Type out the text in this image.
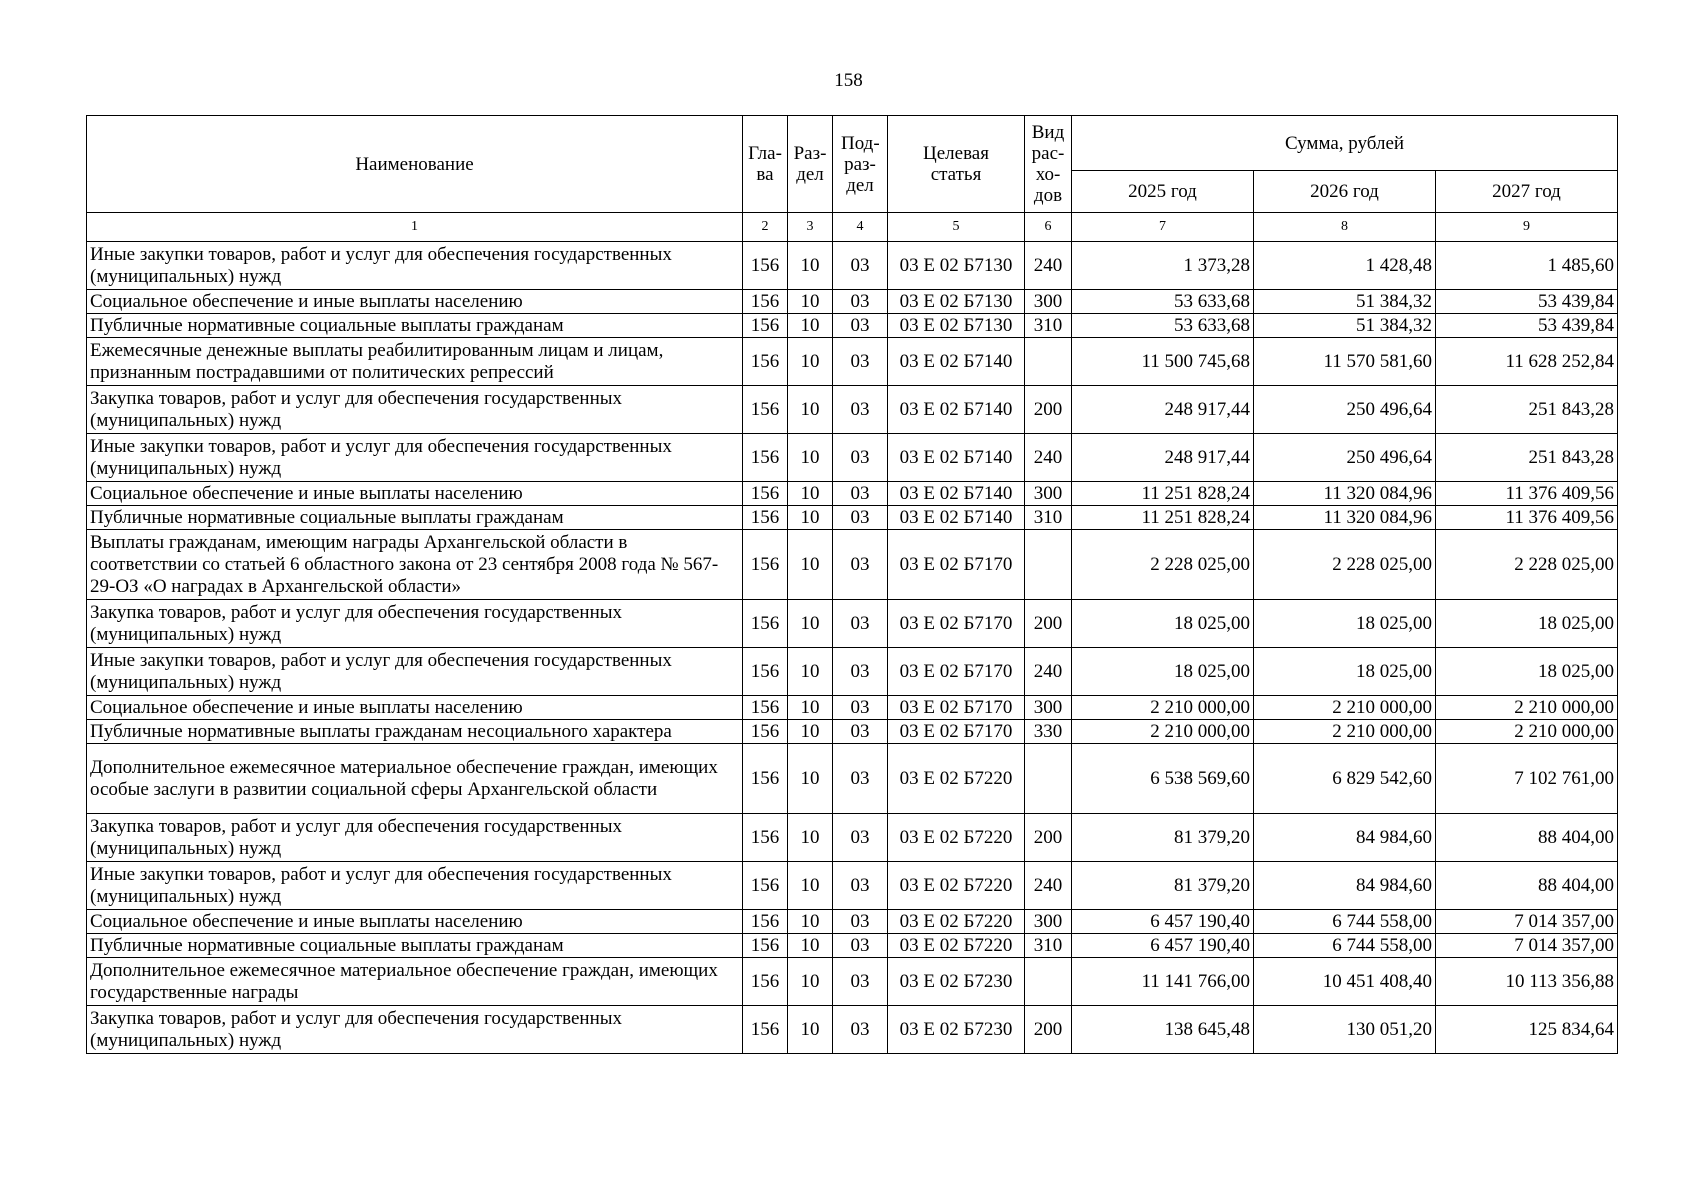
158
Наименование	Гла-ва	Раз-дел	Под-раз-дел	Целевая статья	Вид рас-хо-дов	Сумма, рублей		
						2025 год	2026 год	2027 год
1	2	3	4	5	6	7	8	9
Иные закупки товаров, работ и услуг для обеспечения государственных (муниципальных) нужд	156	10	03	03 Е 02 Б7130	240	1 373,28	1 428,48	1 485,60
Социальное обеспечение и иные выплаты населению	156	10	03	03 Е 02 Б7130	300	53 633,68	51 384,32	53 439,84
Публичные нормативные социальные выплаты гражданам	156	10	03	03 Е 02 Б7130	310	53 633,68	51 384,32	53 439,84
Ежемесячные денежные выплаты реабилитированным лицам и лицам, признанным пострадавшими от политических репрессий	156	10	03	03 Е 02 Б7140		11 500 745,68	11 570 581,60	11 628 252,84
Закупка товаров, работ и услуг для обеспечения государственных (муниципальных) нужд	156	10	03	03 Е 02 Б7140	200	248 917,44	250 496,64	251 843,28
Иные закупки товаров, работ и услуг для обеспечения государственных (муниципальных) нужд	156	10	03	03 Е 02 Б7140	240	248 917,44	250 496,64	251 843,28
Социальное обеспечение и иные выплаты населению	156	10	03	03 Е 02 Б7140	300	11 251 828,24	11 320 084,96	11 376 409,56
Публичные нормативные социальные выплаты гражданам	156	10	03	03 Е 02 Б7140	310	11 251 828,24	11 320 084,96	11 376 409,56
Выплаты гражданам, имеющим награды Архангельской области в соответствии со статьей 6 областного закона от 23 сентября 2008 года № 567-29-ОЗ «О наградах в Архангельской области»	156	10	03	03 Е 02 Б7170		2 228 025,00	2 228 025,00	2 228 025,00
Закупка товаров, работ и услуг для обеспечения государственных (муниципальных) нужд	156	10	03	03 Е 02 Б7170	200	18 025,00	18 025,00	18 025,00
Иные закупки товаров, работ и услуг для обеспечения государственных (муниципальных) нужд	156	10	03	03 Е 02 Б7170	240	18 025,00	18 025,00	18 025,00
Социальное обеспечение и иные выплаты населению	156	10	03	03 Е 02 Б7170	300	2 210 000,00	2 210 000,00	2 210 000,00
Публичные нормативные выплаты гражданам несоциального характера	156	10	03	03 Е 02 Б7170	330	2 210 000,00	2 210 000,00	2 210 000,00
Дополнительное ежемесячное материальное обеспечение граждан, имеющих особые заслуги в развитии социальной сферы Архангельской области	156	10	03	03 Е 02 Б7220		6 538 569,60	6 829 542,60	7 102 761,00
Закупка товаров, работ и услуг для обеспечения государственных (муниципальных) нужд	156	10	03	03 Е 02 Б7220	200	81 379,20	84 984,60	88 404,00
Иные закупки товаров, работ и услуг для обеспечения государственных (муниципальных) нужд	156	10	03	03 Е 02 Б7220	240	81 379,20	84 984,60	88 404,00
Социальное обеспечение и иные выплаты населению	156	10	03	03 Е 02 Б7220	300	6 457 190,40	6 744 558,00	7 014 357,00
Публичные нормативные социальные выплаты гражданам	156	10	03	03 Е 02 Б7220	310	6 457 190,40	6 744 558,00	7 014 357,00
Дополнительное ежемесячное материальное обеспечение граждан, имеющих государственные награды	156	10	03	03 Е 02 Б7230		11 141 766,00	10 451 408,40	10 113 356,88
Закупка товаров, работ и услуг для обеспечения государственных (муниципальных) нужд	156	10	03	03 Е 02 Б7230	200	138 645,48	130 051,20	125 834,64
